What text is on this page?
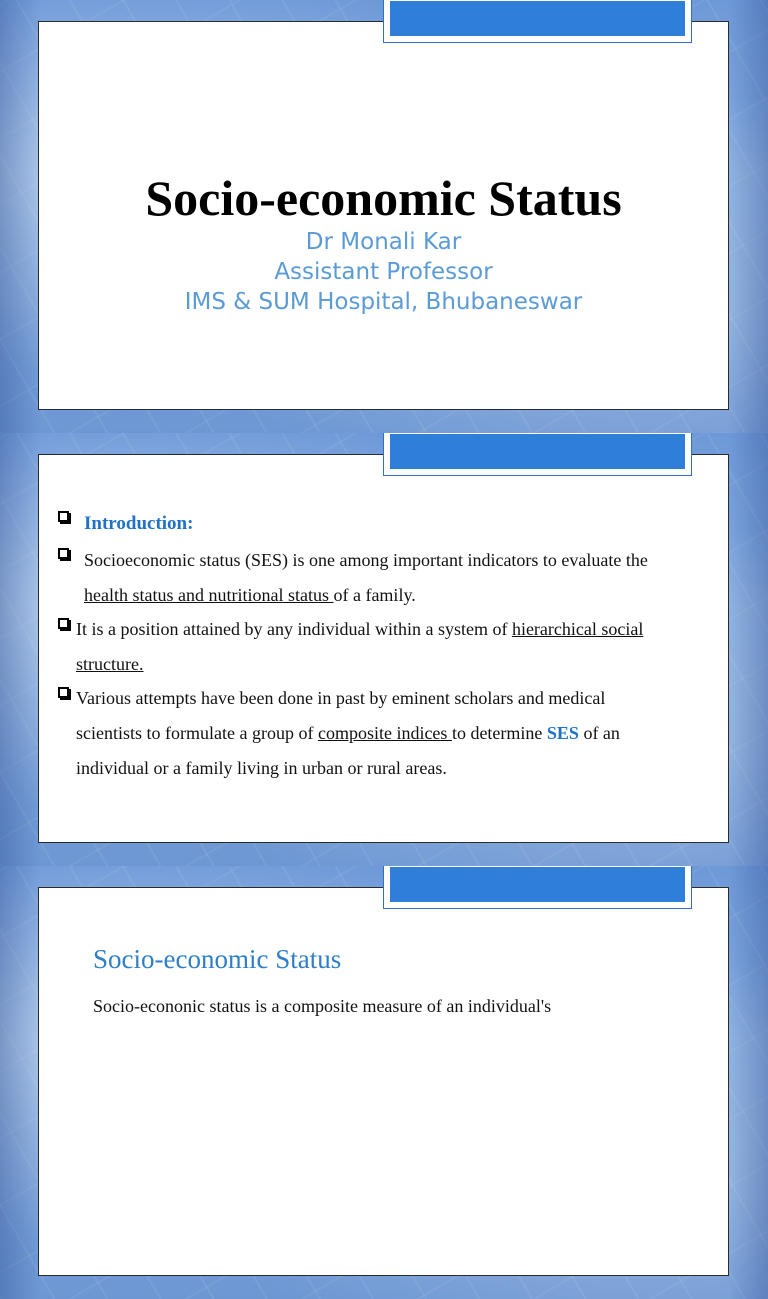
Socio-economic Status
Dr Monali Kar
Assistant Professor
IMS & SUM Hospital, Bhubaneswar
Introduction:
Socioeconomic status (SES) is one among important indicators to evaluate the
health status and nutritional status of a family.
It is a position attained by any individual within a system of hierarchical social
structure.
Various attempts have been done in past by eminent scholars and medical
scientists to formulate a group of composite indices to determine SES of an
individual or a family living in urban or rural areas.
Socio-economic Status
Socio-econonic status is a composite measure of an individual's
